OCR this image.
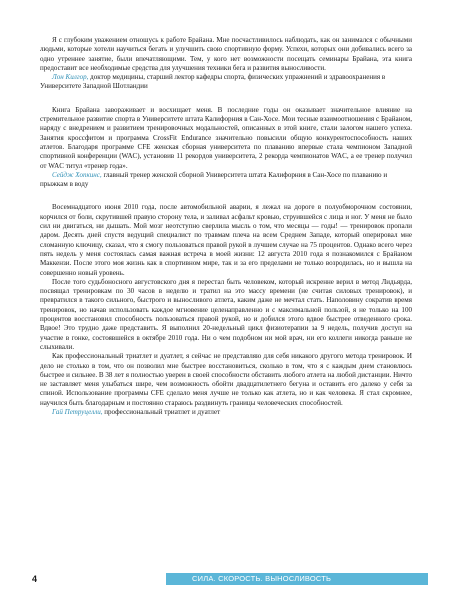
Я с глубоким уважением отношусь к работе Брайана. Мне посчастливилось наблюдать, как он занимался с обычными людьми, которые хотели научиться бегать и улучшить свою спортивную форму. Успехи, которых они добивались всего за одно утреннее занятие, были впечатляющими. Тем, у кого нет возможности посещать семинары Брайана, эта книга предоставит все необходимые средства для улучшения техники бега и развития выносливости.

Лон Килгор, доктор медицины, старший лектор кафедры спорта, физических упражнений и здравоохранения в Университете Западной Шотландии

Книга Брайана завораживает и восхищает меня. В последние годы он оказывает значительное влияние на стремительное развитие спорта в Университете штата Калифорния в Сан-Хосе. Мои тесные взаимоотношения с Брайаном, наряду с внедрением и развитием тренировочных модальностей, описанных в этой книге, стали залогом нашего успеха. Занятия кроссфитом и программа CrossFit Endurance значительно повысили общую конкурентоспособность наших атлетов. Благодаря программе CFE женская сборная университета по плаванию впервые стала чемпионом Западной спортивной конференции (WAC), установив 11 рекордов университета, 2 рекорда чемпионатов WAC, а ее тренер получил от WAC титул «тренер года».

Сейдж Хопкинс, главный тренер женской сборной Университета штата Калифорния в Сан-Хосе по плаванию и прыжкам в воду

Восемнадцатого июня 2010 года, после автомобильной аварии, я лежал на дороге в полуобморочном состоянии, корчился от боли, скрутившей правую сторону тела, и заливал асфальт кровью, струившейся с лица и ног. У меня не было сил ни двигаться, ни дышать. Мой мозг неотступно сверлила мысль о том, что месяцы — годы! — тренировок пропали даром. Десять дней спустя ведущий специалист по травмам плеча на всем Среднем Западе, который оперировал мне сломанную ключицу, сказал, что я смогу пользоваться правой рукой в лучшем случае на 75 процентов. Однако всего через пять недель у меня состоялась самая важная встреча в моей жизни: 12 августа 2010 года я познакомился с Брайаном Маккензи. После этого моя жизнь как в спортивном мире, так и за его пределами не только возродилась, но и вышла на совершенно новый уровень.

После того судьбоносного августовского дня я перестал быть человеком, который искренне верил в метод Лидьярда, посвящал тренировкам по 30 часов в неделю и тратил на это массу времени (не считая силовых тренировок), и превратился в такого сильного, быстрого и выносливого атлета, каким даже не мечтал стать. Наполовину сократив время тренировок, но начав использовать каждое мгновение целенаправленно и с максимальной пользой, я не только на 100 процентов восстановил способность пользоваться правой рукой, но и добился этого вдвое быстрее отведенного срока. Вдвое! Это трудно даже представить. Я выполнил 20-недельный цикл физиотерапии за 9 недель, получив доступ на участие в гонке, состоявшейся в октябре 2010 года. Ни о чем подобном ни мой врач, ни его коллеги никогда раньше не слыхивали.

Как профессиональный триатлет и дуатлет, я сейчас не представляю для себя никакого другого метода тренировок. И дело не столько в том, что он позволил мне быстрее восстановиться, сколько в том, что я с каждым днем становлюсь быстрее и сильнее. В 38 лет я полностью уверен в своей способности обставить любого атлета на любой дистанции. Ничто не заставляет меня улыбаться шире, чем возможность обойти двадцатилетнего бегуна и оставить его далеко у себя за спиной. Использование программы CFE сделало меня лучше не только как атлета, но и как человека. Я стал скромнее, научился быть благодарным и постоянно стараюсь раздвинуть границы человеческих способностей.

Гай Петруцелли, профессиональный триатлет и дуатлет

4	СИЛА. СКОРОСТЬ. ВЫНОСЛИВОСТЬ
